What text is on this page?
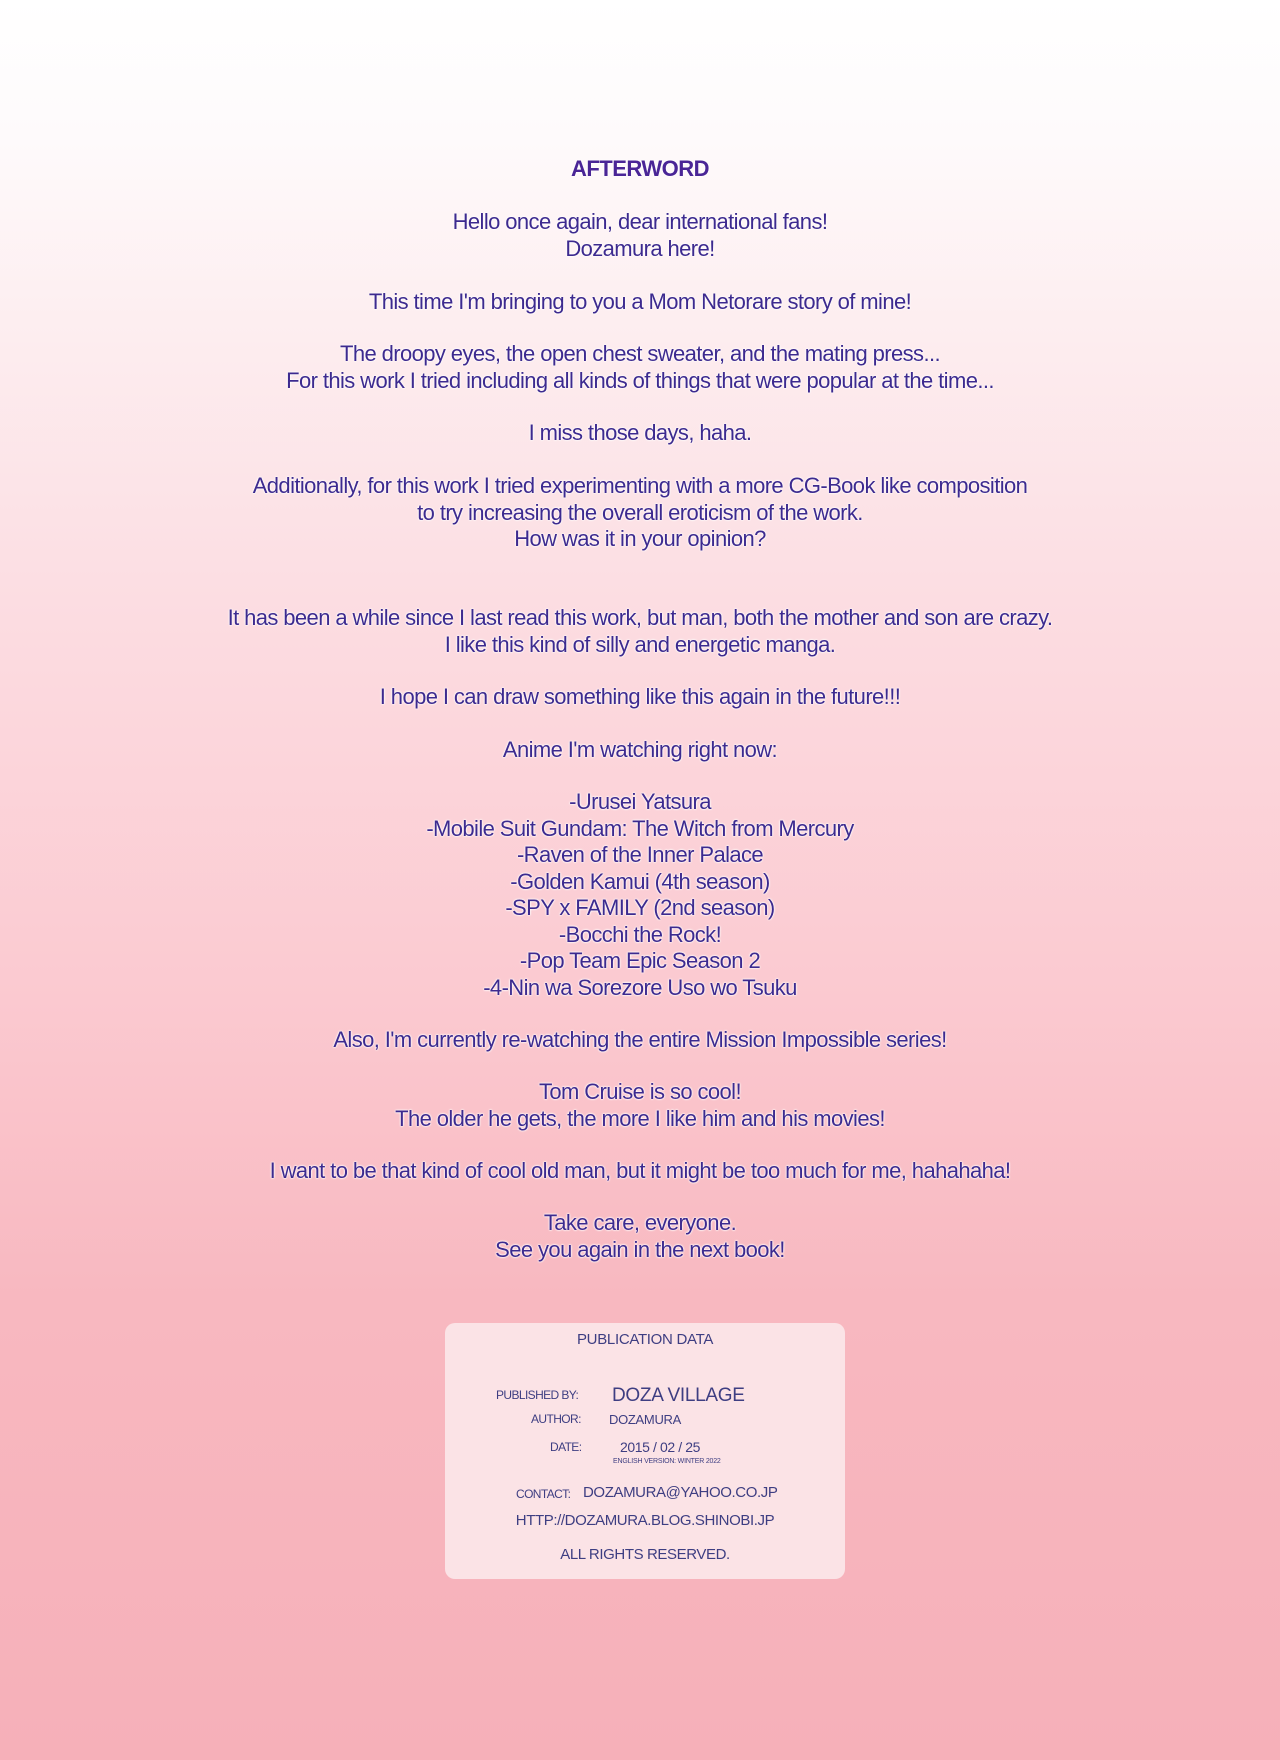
AFTERWORD
Hello once again, dear international fans!
Dozamura here!
This time I'm bringing to you a Mom Netorare story of mine!
The droopy eyes, the open chest sweater, and the mating press...
For this work I tried including all kinds of things that were popular at the time...
I miss those days, haha.
Additionally, for this work I tried experimenting with a more CG-Book like composition
to try increasing the overall eroticism of the work.
How was it in your opinion?
It has been a while since I last read this work, but man, both the mother and son are crazy.
I like this kind of silly and energetic manga.
I hope I can draw something like this again in the future!!!
Anime I'm watching right now:
-Urusei Yatsura
-Mobile Suit Gundam: The Witch from Mercury
-Raven of the Inner Palace
-Golden Kamui (4th season)
-SPY x FAMILY (2nd season)
-Bocchi the Rock!
-Pop Team Epic Season 2
-4-Nin wa Sorezore Uso wo Tsuku
Also, I'm currently re-watching the entire Mission Impossible series!
Tom Cruise is so cool!
The older he gets, the more I like him and his movies!
I want to be that kind of cool old man, but it might be too much for me, hahahaha!
Take care, everyone.
See you again in the next book!
PUBLICATION DATA
PUBLISHED BY: DOZA VILLAGE
AUTHOR: DOZAMURA
DATE:	2015 / 02 / 25
ENGLISH VERSION: WINTER 2022
CONTACT: DOZAMURA@YAHOO.CO.JP
HTTP://DOZAMURA.BLOG.SHINOBI.JP
ALL RIGHTS RESERVED.
